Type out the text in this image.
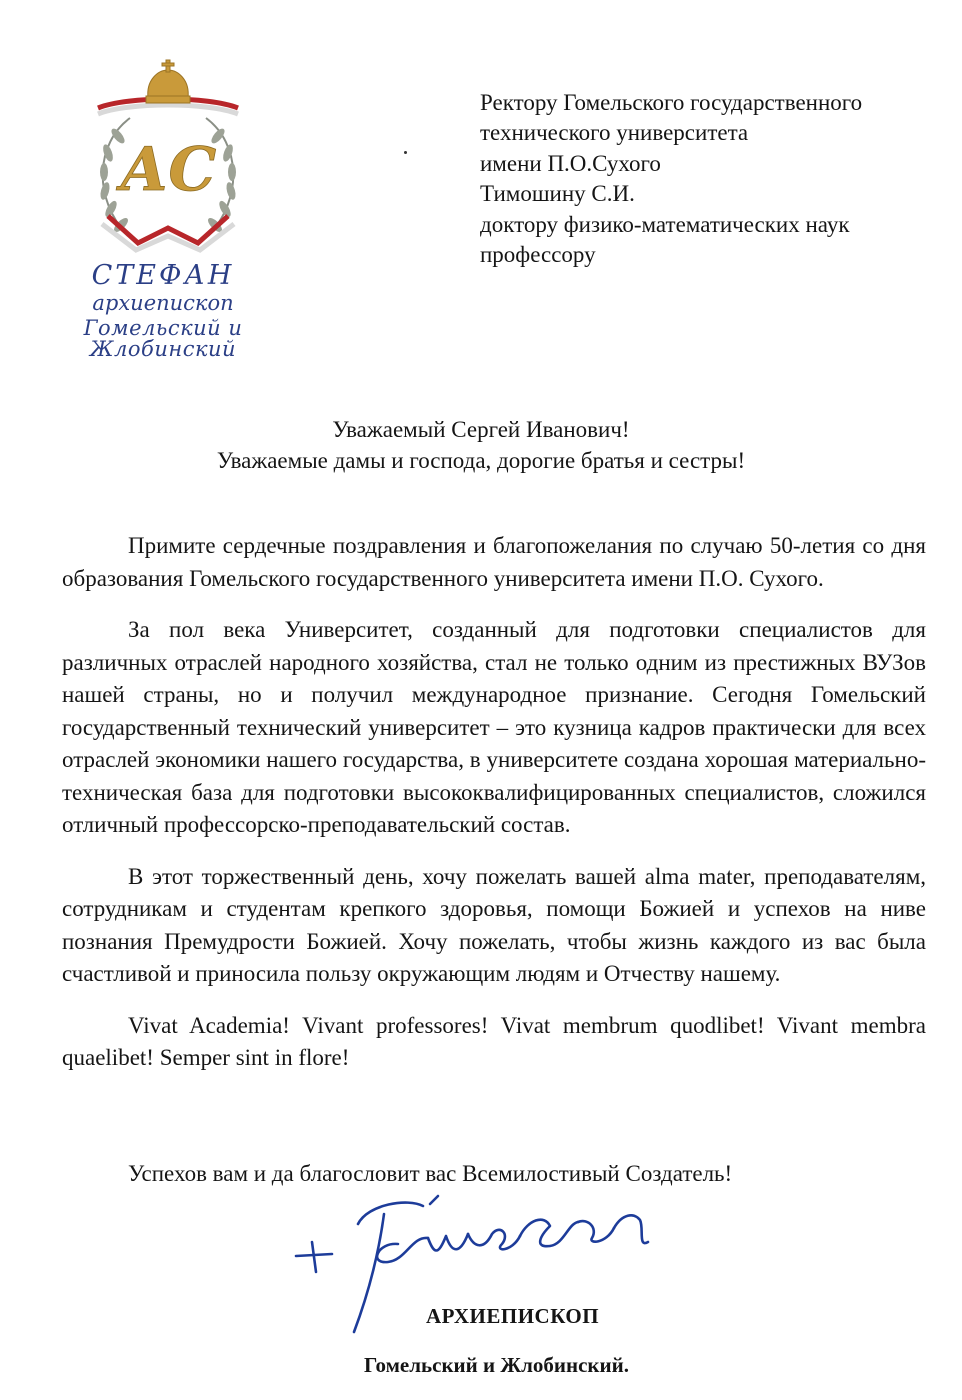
АС
СТЕФАН
архиепископ
Гомельский и Жлобинский
Ректору Гомельского государственного
технического университета
имени П.О.Сухого
Тимошину С.И.
доктору физико-математических наук
профессору
Уважаемый Сергей Иванович!
Уважаемые дамы и господа, дорогие братья и сестры!

Примите сердечные поздравления и благопожелания по случаю 50-летия со дня образования Гомельского государственного университета имени П.О. Сухого.

За пол века Университет, созданный для подготовки специалистов для различных отраслей народного хозяйства, стал не только одним из престижных ВУЗов нашей страны, но и получил международное признание. Сегодня Гомельский государственный технический университет – это кузница кадров практически для всех отраслей экономики нашего государства, в университете создана хорошая материально-техническая база для подготовки высококвалифицированных специалистов, сложился отличный профессорско-преподавательский состав.

В этот торжественный день, хочу пожелать вашей alma mater, преподавателям, сотрудникам и студентам крепкого здоровья, помощи Божией и успехов на ниве познания Премудрости Божией. Хочу пожелать, чтобы жизнь каждого из вас была счастливой и приносила пользу окружающим людям и Отчеству нашему.

Vivat Academia! Vivant professores! Vivat membrum quodlibet! Vivant membra quaelibet! Semper sint in flore!

Успехов вам и да благословит вас Всемилостивый Создатель!
АРХИЕПИСКОП
Гомельский и Жлобинский.
